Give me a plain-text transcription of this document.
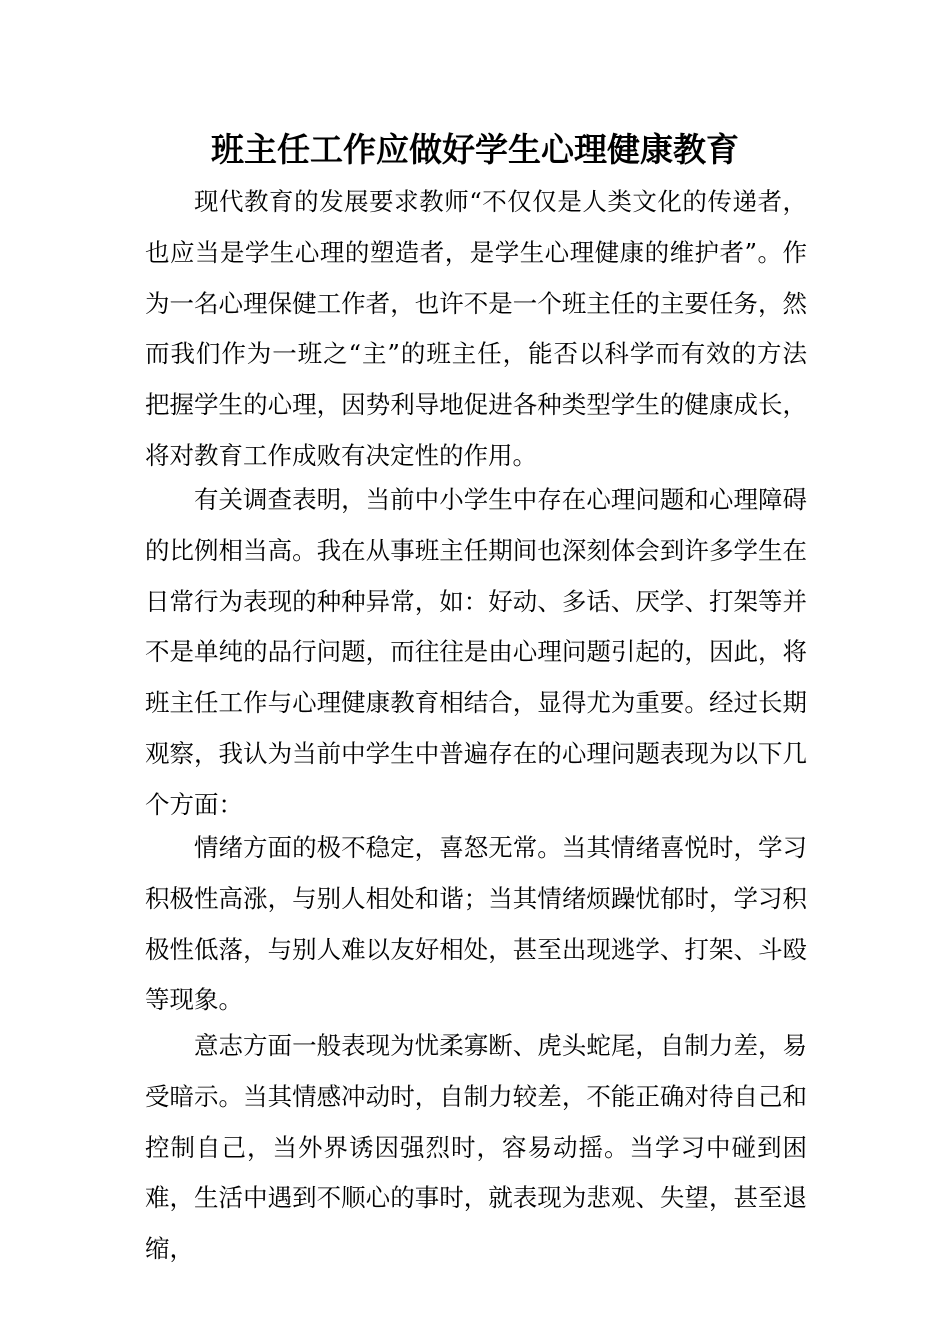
班主任工作应做好学生心理健康教育

现代教育的发展要求教师“不仅仅是人类文化的传递者，也应当是学生心理的塑造者，是学生心理健康的维护者”。作为一名心理保健工作者，也许不是一个班主任的主要任务，然而我们作为一班之“主”的班主任，能否以科学而有效的方法把握学生的心理，因势利导地促进各种类型学生的健康成长，将对教育工作成败有决定性的作用。

有关调查表明，当前中小学生中存在心理问题和心理障碍的比例相当高。我在从事班主任期间也深刻体会到许多学生在日常行为表现的种种异常，如：好动、多话、厌学、打架等并不是单纯的品行问题，而往往是由心理问题引起的，因此，将班主任工作与心理健康教育相结合，显得尤为重要。经过长期观察，我认为当前中学生中普遍存在的心理问题表现为以下几个方面：

情绪方面的极不稳定，喜怒无常。当其情绪喜悦时，学习积极性高涨，与别人相处和谐；当其情绪烦躁忧郁时，学习积极性低落，与别人难以友好相处，甚至出现逃学、打架、斗殴等现象。

意志方面一般表现为忧柔寡断、虎头蛇尾，自制力差，易受暗示。当其情感冲动时，自制力较差，不能正确对待自己和控制自己，当外界诱因强烈时，容易动摇。当学习中碰到困难，生活中遇到不顺心的事时，就表现为悲观、失望，甚至退缩，
